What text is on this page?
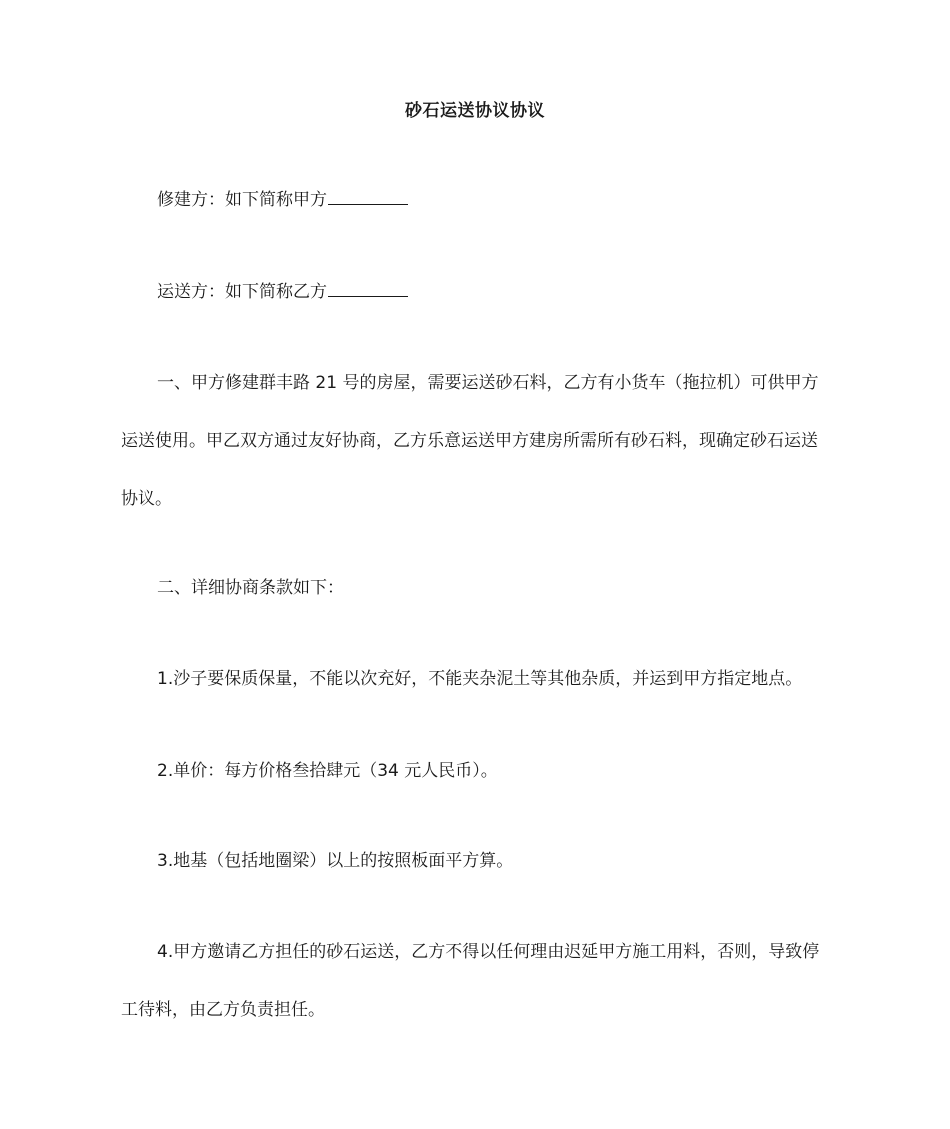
砂石运送协议协议

修建方：如下简称甲方

运送方：如下简称乙方

一、甲方修建群丰路 21 号的房屋，需要运送砂石料，乙方有小货车（拖拉机）可供甲方运送使用。甲乙双方通过友好协商，乙方乐意运送甲方建房所需所有砂石料，现确定砂石运送协议。

二、详细协商条款如下：

1.沙子要保质保量，不能以次充好，不能夹杂泥土等其他杂质，并运到甲方指定地点。

2.单价：每方价格叁拾肆元（34 元人民币）。

3.地基（包括地圈梁）以上的按照板面平方算。

4.甲方邀请乙方担任的砂石运送，乙方不得以任何理由迟延甲方施工用料，否则，导致停工待料，由乙方负责担任。
